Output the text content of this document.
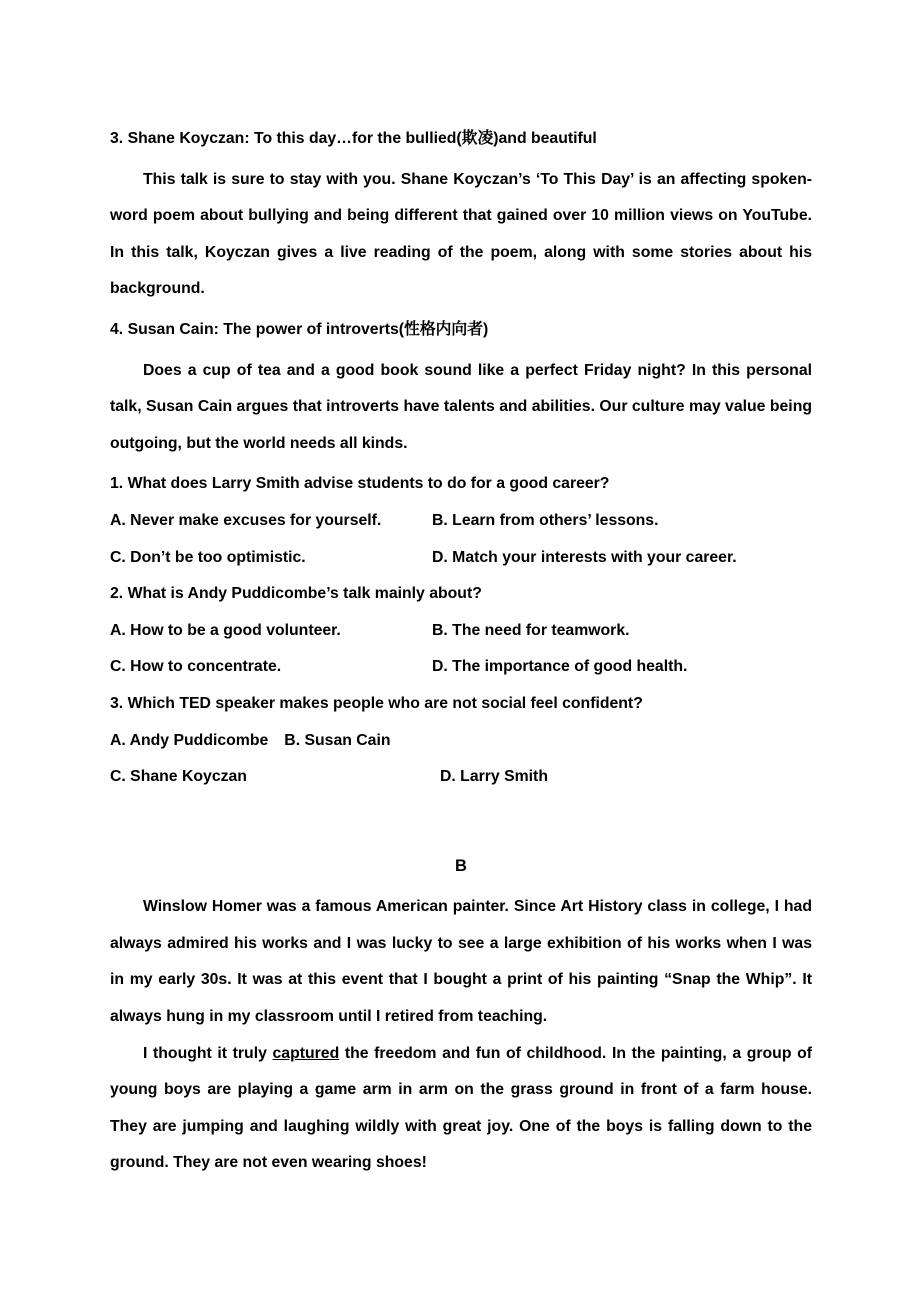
3. Shane Koyczan: To this day…for the bullied(欺凌)and beautiful

This talk is sure to stay with you. Shane Koyczan’s ‘To This Day’ is an affecting spoken-word poem about bullying and being different that gained over 10 million views on YouTube. In this talk, Koyczan gives a live reading of the poem, along with some stories about his background.

4. Susan Cain: The power of introverts(性格内向者)

Does a cup of tea and a good book sound like a perfect Friday night? In this personal talk, Susan Cain argues that introverts have talents and abilities. Our culture may value being outgoing, but the world needs all kinds.

1. What does Larry Smith advise students to do for a good career?
A. Never make excuses for yourself.	B. Learn from others’ lessons.
C. Don’t be too optimistic.	D. Match your interests with your career.
2. What is Andy Puddicombe’s talk mainly about?
A. How to be a good volunteer.	B. The need for teamwork.
C. How to concentrate.	D. The importance of good health.
3. Which TED speaker makes people who are not social feel confident?
A. Andy Puddicombe B. Susan Cain
C. Shane Koyczan	D. Larry Smith
B

Winslow Homer was a famous American painter. Since Art History class in college, I had always admired his works and I was lucky to see a large exhibition of his works when I was in my early 30s. It was at this event that I bought a print of his painting “Snap the Whip”. It always hung in my classroom until I retired from teaching.

I thought it truly captured the freedom and fun of childhood. In the painting, a group of young boys are playing a game arm in arm on the grass ground in front of a farm house. They are jumping and laughing wildly with great joy. One of the boys is falling down to the ground. They are not even wearing shoes!
